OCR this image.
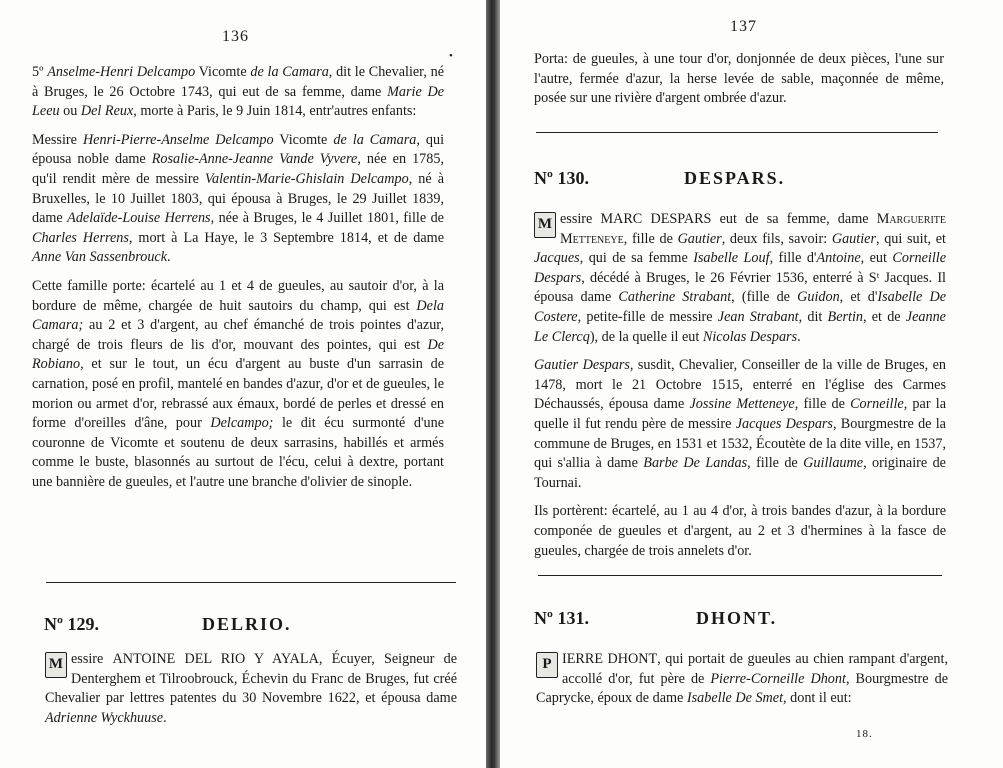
136
•

5º Anselme-Henri Delcampo Vicomte de la Camara, dit le Chevalier, né à Bruges, le 26 Octobre 1743, qui eut de sa femme, dame Marie De Leeu ou Del Reux, morte à Paris, le 9 Juin 1814, entr'autres enfants:

Messire Henri-Pierre-Anselme Delcampo Vicomte de la Camara, qui épousa noble dame Rosalie-Anne-Jeanne Vande Vyvere, née en 1785, qu'il rendit mère de messire Valentin-Marie-Ghislain Delcampo, né à Bruxelles, le 10 Juillet 1803, qui épousa à Bruges, le 29 Juillet 1839, dame Adelaïde-Louise Herrens, née à Bruges, le 4 Juillet 1801, fille de Charles Herrens, mort à La Haye, le 3 Septembre 1814, et de dame Anne Van Sassenbrouck.

Cette famille porte: écartelé au 1 et 4 de gueules, au sautoir d'or, à la bordure de même, chargée de huit sautoirs du champ, qui est Dela Camara; au 2 et 3 d'argent, au chef émanché de trois pointes d'azur, chargé de trois fleurs de lis d'or, mouvant des pointes, qui est De Robiano, et sur le tout, un écu d'argent au buste d'un sarrasin de carnation, posé en profil, mantelé en bandes d'azur, d'or et de gueules, le morion ou armet d'or, rebrassé aux émaux, bordé de perles et dressé en forme d'oreilles d'âne, pour Delcampo; le dit écu surmonté d'une couronne de Vicomte et soutenu de deux sarrasins, habillés et armés comme le buste, blasonnés au surtout de l'écu, celui à dextre, portant une bannière de gueules, et l'autre une branche d'olivier de sinople.

Nº 129.	DELRIO.

M essire ANTOINE DEL RIO Y AYALA, Écuyer, Seigneur de Denterghem et Tilroobrouck, Échevin du Franc de Bruges, fut créé Chevalier par lettres patentes du 30 Novembre 1622, et épousa dame Adrienne Wyckhuuse.

137

Porta: de gueules, à une tour d'or, donjonnée de deux pièces, l'une sur l'autre, fermée d'azur, la herse levée de sable, maçonnée de même, posée sur une rivière d'argent ombrée d'azur.

Nº 130.	DESPARS.

M essire MARC DESPARS eut de sa femme, dame Marguerite Metteneye, fille de Gautier, deux fils, savoir: Gautier, qui suit, et Jacques, qui de sa femme Isabelle Louf, fille d'Antoine, eut Corneille Despars, décédé à Bruges, le 26 Février 1536, enterré à Sᵗ Jacques. Il épousa dame Catherine Strabant, (fille de Guidon, et d'Isabelle De Costere, petite-fille de messire Jean Strabant, dit Bertin, et de Jeanne Le Clercq), de la quelle il eut Nicolas Despars.

Gautier Despars, susdit, Chevalier, Conseiller de la ville de Bruges, en 1478, mort le 21 Octobre 1515, enterré en l'église des Carmes Déchaussés, épousa dame Jossine Metteneye, fille de Corneille, par la quelle il fut rendu père de messire Jacques Despars, Bourgmestre de la commune de Bruges, en 1531 et 1532, Écoutète de la dite ville, en 1537, qui s'allia à dame Barbe De Landas, fille de Guillaume, originaire de Tournai.

Ils portèrent: écartelé, au 1 au 4 d'or, à trois bandes d'azur, à la bordure componée de gueules et d'argent, au 2 et 3 d'hermines à la fasce de gueules, chargée de trois annelets d'or.

Nº 131.	DHONT.

P IERRE DHONT, qui portait de gueules au chien rampant d'argent, accollé d'or, fut père de Pierre-Corneille Dhont, Bourgmestre de Caprycke, époux de dame Isabelle De Smet, dont il eut:

18.
